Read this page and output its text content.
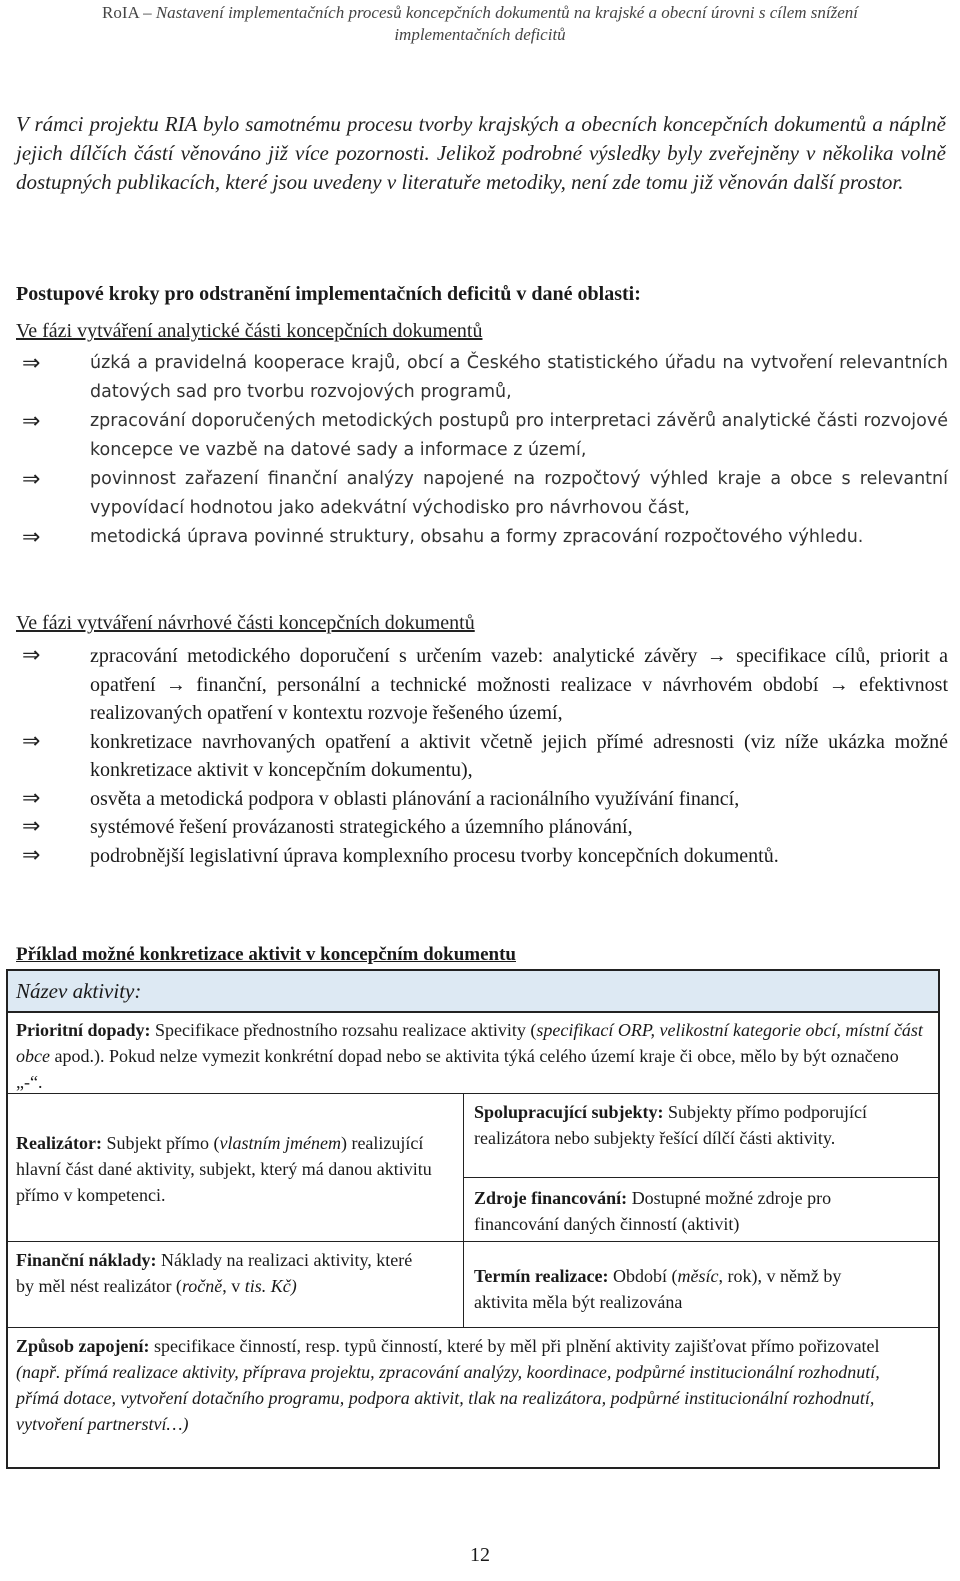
RoIA – Nastavení implementačních procesů koncepčních dokumentů na krajské a obecní úrovni s cílem snížení
implementačních deficitů

V rámci projektu RIA bylo samotnému procesu tvorby krajských a obecních koncepčních dokumentů a náplně jejich dílčích částí věnováno již více pozornosti. Jelikož podrobné výsledky byly zveřejněny v několika volně dostupných publikacích, které jsou uvedeny v literatuře metodiky, není zde tomu již věnován další prostor.

Postupové kroky pro odstranění implementačních deficitů v dané oblasti:
Ve fázi vytváření analytické části koncepčních dokumentů
⇒	úzká a pravidelná kooperace krajů, obcí a Českého statistického úřadu na vytvoření relevantních datových sad pro tvorbu rozvojových programů,
⇒	zpracování doporučených metodických postupů pro interpretaci závěrů analytické části rozvojové koncepce ve vazbě na datové sady a informace z území,
⇒	povinnost zařazení finanční analýzy napojené na rozpočtový výhled kraje a obce s relevantní vypovídací hodnotou jako adekvátní východisko pro návrhovou část,
⇒	metodická úprava povinné struktury, obsahu a formy zpracování rozpočtového výhledu.
Ve fázi vytváření návrhové části koncepčních dokumentů
⇒ zpracování metodického doporučení s určením vazeb: analytické závěry → specifikace cílů, priorit a opatření → finanční, personální a technické možnosti realizace v návrhovém období → efektivnost realizovaných opatření v kontextu rozvoje řešeného území,
⇒ konkretizace navrhovaných opatření a aktivit včetně jejich přímé adresnosti (viz níže ukázka možné konkretizace aktivit v koncepčním dokumentu),
⇒ osvěta a metodická podpora v oblasti plánování a racionálního využívání financí,
⇒ systémové řešení provázanosti strategického a územního plánování,
⇒ podrobnější legislativní úprava komplexního procesu tvorby koncepčních dokumentů.
Příklad možné konkretizace aktivit v koncepčním dokumentu
Název aktivity:
Prioritní dopady: Specifikace přednostního rozsahu realizace aktivity (specifikací ORP, velikostní kategorie obcí, místní část obce apod.). Pokud nelze vymezit konkrétní dopad nebo se aktivita týká celého území kraje či obce, mělo by být označeno „-“.
Realizátor: Subjekt přímo (vlastním jménem) realizující hlavní část dané aktivity, subjekt, který má danou aktivitu přímo v kompetenci.
Spolupracující subjekty: Subjekty přímo podporující realizátora nebo subjekty řešící dílčí části aktivity.
Zdroje financování: Dostupné možné zdroje pro financování daných činností (aktivit)
Finanční náklady: Náklady na realizaci aktivity, které by měl nést realizátor (ročně, v tis. Kč)	Termín realizace: Období (měsíc, rok), v němž by aktivita měla být realizována
Způsob zapojení: specifikace činností, resp. typů činností, které by měl při plnění aktivity zajišťovat přímo pořizovatel
(např. přímá realizace aktivity, příprava projektu, zpracování analýzy, koordinace, podpůrné institucionální rozhodnutí, přímá dotace, vytvoření dotačního programu, podpora aktivit, tlak na realizátora, podpůrné institucionální rozhodnutí, vytvoření partnerství…)
12
